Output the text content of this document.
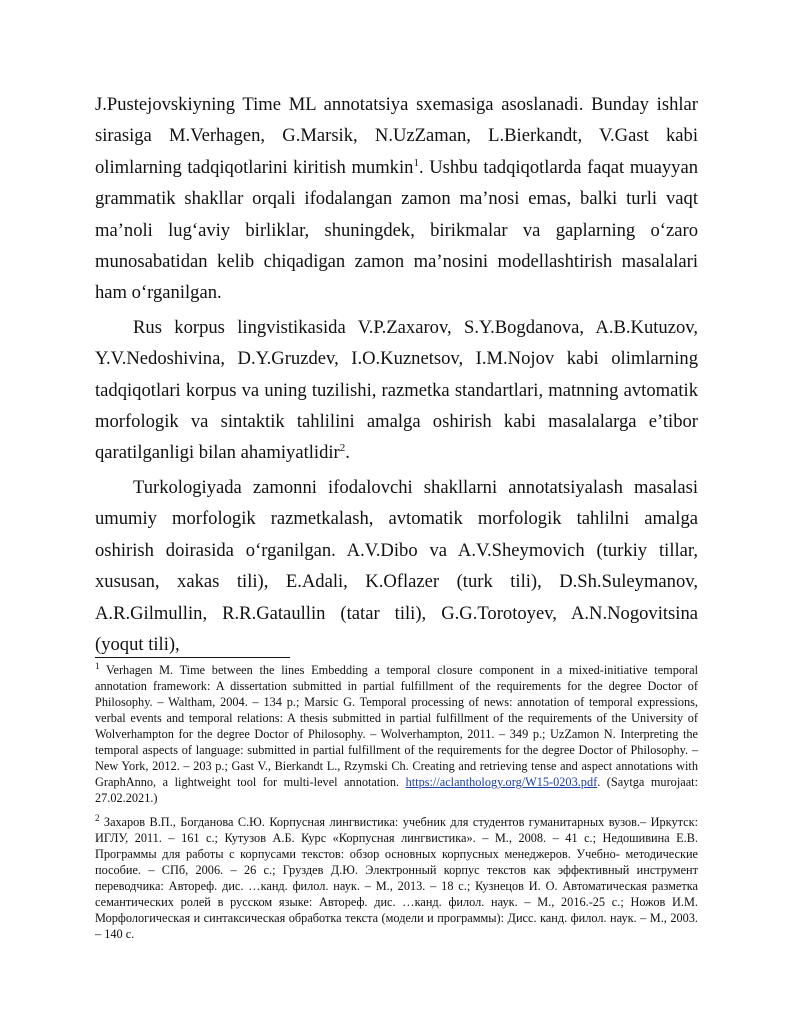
J.Pustejovskiyning Time ML annotatsiya sxemasiga asoslanadi. Bunday ishlar sirasiga M.Verhagen, G.Marsik, N.UzZaman, L.Bierkandt, V.Gast kabi olimlarning tadqiqotlarini kiritish mumkin$^1$. Ushbu tadqiqotlarda faqat muayyan grammatik shakllar orqali ifodalangan zamon ma’nosi emas, balki turli vaqt ma’noli lug‘aviy birliklar, shuningdek, birikmalar va gaplarning o‘zaro munosabatidan kelib chiqadigan zamon ma’nosini modellashtirish masalalari ham o‘rganilgan.

Rus korpus lingvistikasida V.P.Zaxarov, S.Y.Bogdanova, A.B.Kutuzov, Y.V.Nedoshivina, D.Y.Gruzdev, I.O.Kuznetsov, I.M.Nojov kabi olimlarning tadqiqotlari korpus va uning tuzilishi, razmetka standartlari, matnning avtomatik morfologik va sintaktik tahlilini amalga oshirish kabi masalalarga e’tibor qaratilganligi bilan ahamiyatlidir$^2$.

Turkologiyada zamonni ifodalovchi shakllarni annotatsiyalash masalasi umumiy morfologik razmetkalash, avtomatik morfologik tahlilni amalga oshirish doirasida o‘rganilgan. A.V.Dibo va A.V.Sheymovich (turkiy tillar, xususan, xakas tili), E.Adali, K.Oflazer (turk tili), D.Sh.Suleymanov, A.R.Gilmullin, R.R.Gataullin (tatar tili), G.G.Torotoyev, A.N.Nogovitsina (yoqut tili),

$^1$ Verhagen M. Time between the lines Embedding a temporal closure component in a mixed-initiative temporal annotation framework: A dissertation submitted in partial fulfillment of the requirements for the degree Doctor of Philosophy. – Waltham, 2004. – 134 p.; Marsic G. Temporal processing of news: annotation of temporal expressions, verbal events and temporal relations: A thesis submitted in partial fulfillment of the requirements of the University of Wolverhampton for the degree Doctor of Philosophy. – Wolverhampton, 2011. – 349 p.; UzZamon N. Interpreting the temporal aspects of language: submitted in partial fulfillment of the requirements for the degree Doctor of Philosophy. – New York, 2012. – 203 p.; Gast V., Bierkandt L., Rzymski Ch. Creating and retrieving tense and aspect annotations with GraphAnno, a lightweight tool for multi-level annotation. https://aclanthology.org/W15-0203.pdf. (Saytga murojaat: 27.02.2021.)

$^2$ Захаров В.П., Богданова С.Ю. Корпусная лингвистика: учебник для студентов гуманитарных вузов.– Иркутск: ИГЛУ, 2011. – 161 с.; Кутузов А.Б. Курс «Корпусная лингвистика». – М., 2008. – 41 с.; Недошивина Е.В. Программы для работы с корпусами текстов: обзор основных корпусных менеджеров. Учебно- методические пособие. – СПб, 2006. – 26 с.; Груздев Д.Ю. Электронный корпус текстов как эффективный инструмент переводчика: Автореф. дис. …канд. филол. наук. – М., 2013. – 18 с.; Кузнецов И. О. Автоматическая разметка семантических ролей в русском языке: Автореф. дис. …канд. филол. наук. – М., 2016.-25 с.; Ножов И.М. Морфологическая и синтаксическая обработка текста (модели и программы): Дисс. канд. филол. наук. – М., 2003. – 140 с.
